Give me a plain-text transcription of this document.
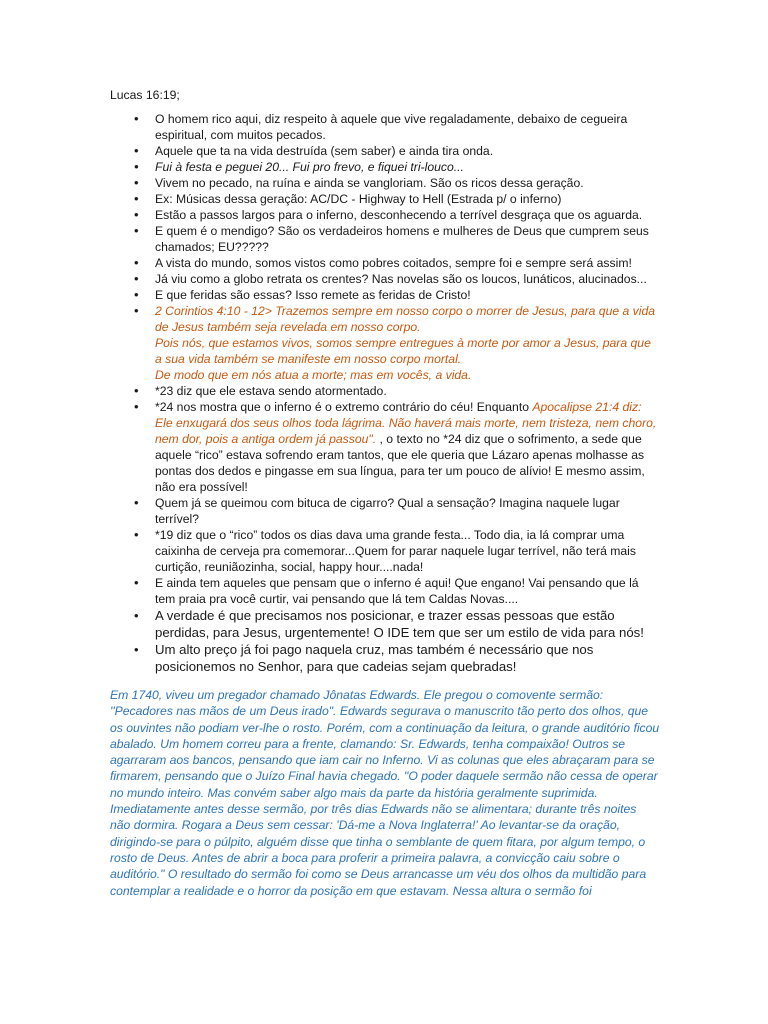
Lucas 16:19;
• O homem rico aqui, diz respeito à aquele que vive regaladamente, debaixo de cegueira espiritual, com muitos pecados.
• Aquele que ta na vida destruída (sem saber) e ainda tira onda.
• Fui à festa e peguei 20... Fui pro frevo, e fiquei tri-louco...
• Vivem no pecado, na ruína e ainda se vangloriam. São os ricos dessa geração.
• Ex: Músicas dessa geração: AC/DC - Highway to Hell (Estrada p/ o inferno)
• Estão a passos largos para o inferno, desconhecendo a terrível desgraça que os aguarda.
• E quem é o mendigo? São os verdadeiros homens e mulheres de Deus que cumprem seus chamados; EU?????
• A vista do mundo, somos vistos como pobres coitados, sempre foi e sempre será assim!
• Já viu como a globo retrata os crentes? Nas novelas são os loucos, lunáticos, alucinados...
• E que feridas são essas? Isso remete as feridas de Cristo!
• 2 Corintios 4:10 - 12> Trazemos sempre em nosso corpo o morrer de Jesus, para que a vida de Jesus também seja revelada em nosso corpo.
Pois nós, que estamos vivos, somos sempre entregues à morte por amor a Jesus, para que a sua vida também se manifeste em nosso corpo mortal.
De modo que em nós atua a morte; mas em vocês, a vida.
• *23 diz que ele estava sendo atormentado.
• *24 nos mostra que o inferno é o extremo contrário do céu! Enquanto Apocalipse 21:4 diz: Ele enxugará dos seus olhos toda lágrima. Não haverá mais morte, nem tristeza, nem choro, nem dor, pois a antiga ordem já passou". , o texto no *24 diz que o sofrimento, a sede que aquele “rico” estava sofrendo eram tantos, que ele queria que Lázaro apenas molhasse as pontas dos dedos e pingasse em sua língua, para ter um pouco de alívio! E mesmo assim, não era possível!
• Quem já se queimou com bituca de cigarro? Qual a sensação? Imagina naquele lugar terrível?
• *19 diz que o “rico” todos os dias dava uma grande festa... Todo dia, ia lá comprar uma caixinha de cerveja pra comemorar...Quem for parar naquele lugar terrível, não terá mais curtição, reuniãozinha, social, happy hour....nada!
• E ainda tem aqueles que pensam que o inferno é aqui! Que engano! Vai pensando que lá tem praia pra você curtir, vai pensando que lá tem Caldas Novas....
• A verdade é que precisamos nos posicionar, e trazer essas pessoas que estão perdidas, para Jesus, urgentemente! O IDE tem que ser um estilo de vida para nós!
• Um alto preço já foi pago naquela cruz, mas também é necessário que nos posicionemos no Senhor, para que cadeias sejam quebradas!
Em 1740, viveu um pregador chamado Jônatas Edwards. Ele pregou o comovente sermão: ''Pecadores nas mãos de um Deus irado". Edwards segurava o manuscrito tão perto dos olhos, que os ouvintes não podiam ver-lhe o rosto. Porém, com a continuação da leitura, o grande auditório ficou abalado. Um homem correu para a frente, clamando: Sr. Edwards, tenha compaixão! Outros se agarraram aos bancos, pensando que iam cair no Inferno. Vi as colunas que eles abraçaram para se firmarem, pensando que o Juízo Final havia chegado. "O poder daquele sermão não cessa de operar no mundo inteiro. Mas convém saber algo mais da parte da história geralmente suprimida. Imediatamente antes desse sermão, por três dias Edwards não se alimentara; durante três noites não dormira. Rogara a Deus sem cessar: 'Dá-me a Nova Inglaterra!' Ao levantar-se da oração, dirigindo-se para o púlpito, alguém disse que tinha o semblante de quem fitara, por algum tempo, o rosto de Deus. Antes de abrir a boca para proferir a primeira palavra, a convicção caiu sobre o auditório." O resultado do sermão foi como se Deus arrancasse um véu dos olhos da multidão para contemplar a realidade e o horror da posição em que estavam. Nessa altura o sermão foi
